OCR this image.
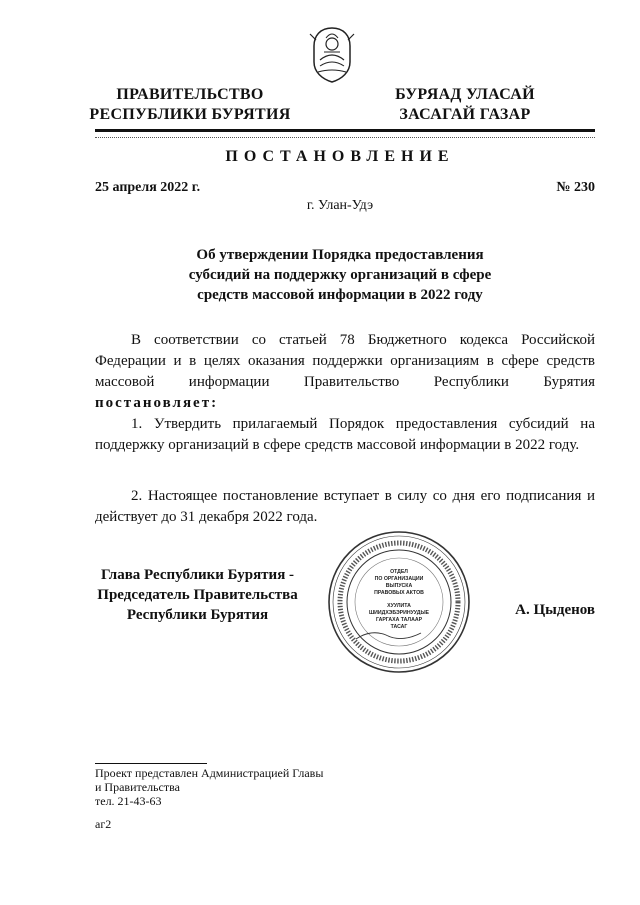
ПРАВИТЕЛЬСТВО
РЕСПУБЛИКИ БУРЯТИЯ
БУРЯАД УЛАСАЙ
ЗАСАГАЙ ГАЗАР
ПОСТАНОВЛЕНИЕ
25 апреля 2022 г.	№ 230
г. Улан-Удэ
Об утверждении Порядка предоставления
субсидий на поддержку организаций в сфере
средств массовой информации в 2022 году
В соответствии со статьей 78 Бюджетного кодекса Российской Федерации и в целях оказания поддержки организациям в сфере средств массовой информации Правительство Республики Бурятия постановляет:
1. Утвердить прилагаемый Порядок предоставления субсидий на поддержку организаций в сфере средств массовой информации в 2022 году.
2. Настоящее постановление вступает в силу со дня его подписания и действует до 31 декабря 2022 года.
Глава Республики Бурятия -
Председатель Правительства
Республики Бурятия	А. Цыденов
ОТДЕЛ
ПО ОРГАНИЗАЦИИ
ВЫПУСКА
ПРАВОВЫХ АКТОВ
ХУУЛИТА
ШИИДХЭБЭРИНУУДЫЕ
ГАРГАХА ТАЛААР
ТАСАГ
Проект представлен Администрацией Главы
и Правительства
тел. 21-43-63
аг2
